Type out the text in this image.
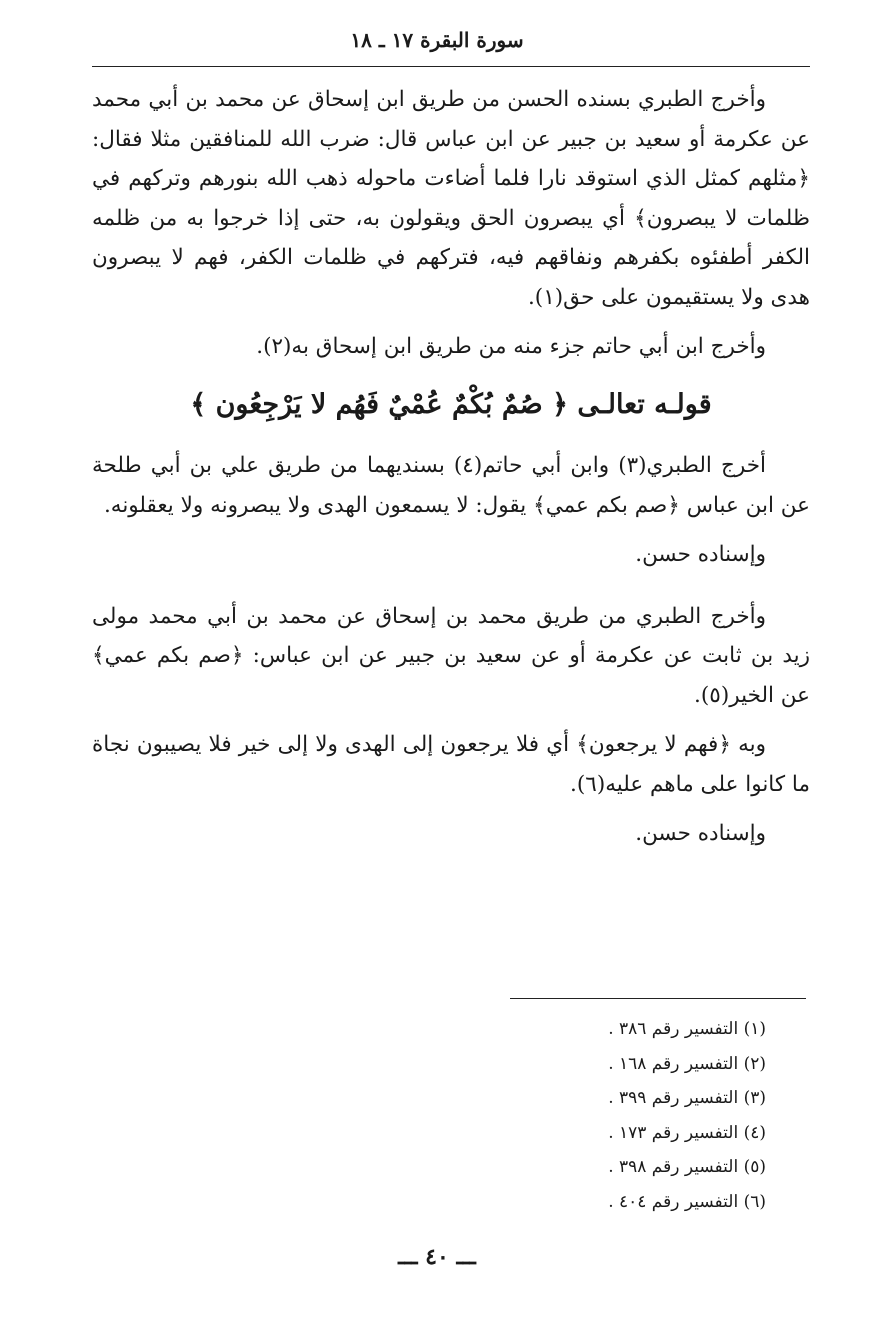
سورة البقرة ١٧ ـ ١٨

وأخرج الطبري بسنده الحسن من طريق ابن إسحاق عن محمد بن أبي محمد عن عكرمة أو سعيد بن جبير عن ابن عباس قال: ضرب الله للمنافقين مثلا فقال: ﴿مثلهم كمثل الذي استوقد نارا فلما أضاءت ماحوله ذهب الله بنورهم وتركهم في ظلمات لا يبصرون﴾ أي يبصرون الحق ويقولون به، حتى إذا خرجوا به من ظلمه الكفر أطفئوه بكفرهم ونفاقهم فيه، فتركهم في ظلمات الكفر، فهم لا يبصرون هدى ولا يستقيمون على حق(١).

وأخرج ابن أبي حاتم جزء منه من طريق ابن إسحاق به(٢).

قولـه تعالـى ﴿ صُمٌ بُكْمٌ عُمْيٌ فَهُم لا يَرْجِعُون ﴾

أخرج الطبري(٣) وابن أبي حاتم(٤) بسنديهما من طريق علي بن أبي طلحة عن ابن عباس ﴿صم بكم عمي﴾ يقول: لا يسمعون الهدى ولا يبصرونه ولا يعقلونه.

وإسناده حسن.

وأخرج الطبري من طريق محمد بن إسحاق عن محمد بن أبي محمد مولى زيد بن ثابت عن عكرمة أو عن سعيد بن جبير عن ابن عباس: ﴿صم بكم عمي﴾ عن الخير(٥).

وبه ﴿فهم لا يرجعون﴾ أي فلا يرجعون إلى الهدى ولا إلى خير فلا يصيبون نجاة ما كانوا على ماهم عليه(٦).

وإسناده حسن.

(١) التفسير رقم ٣٨٦ .
(٢) التفسير رقم ١٦٨ .
(٣) التفسير رقم ٣٩٩ .
(٤) التفسير رقم ١٧٣ .
(٥) التفسير رقم ٣٩٨ .
(٦) التفسير رقم ٤٠٤ .
ـــ ٤٠ ـــ
